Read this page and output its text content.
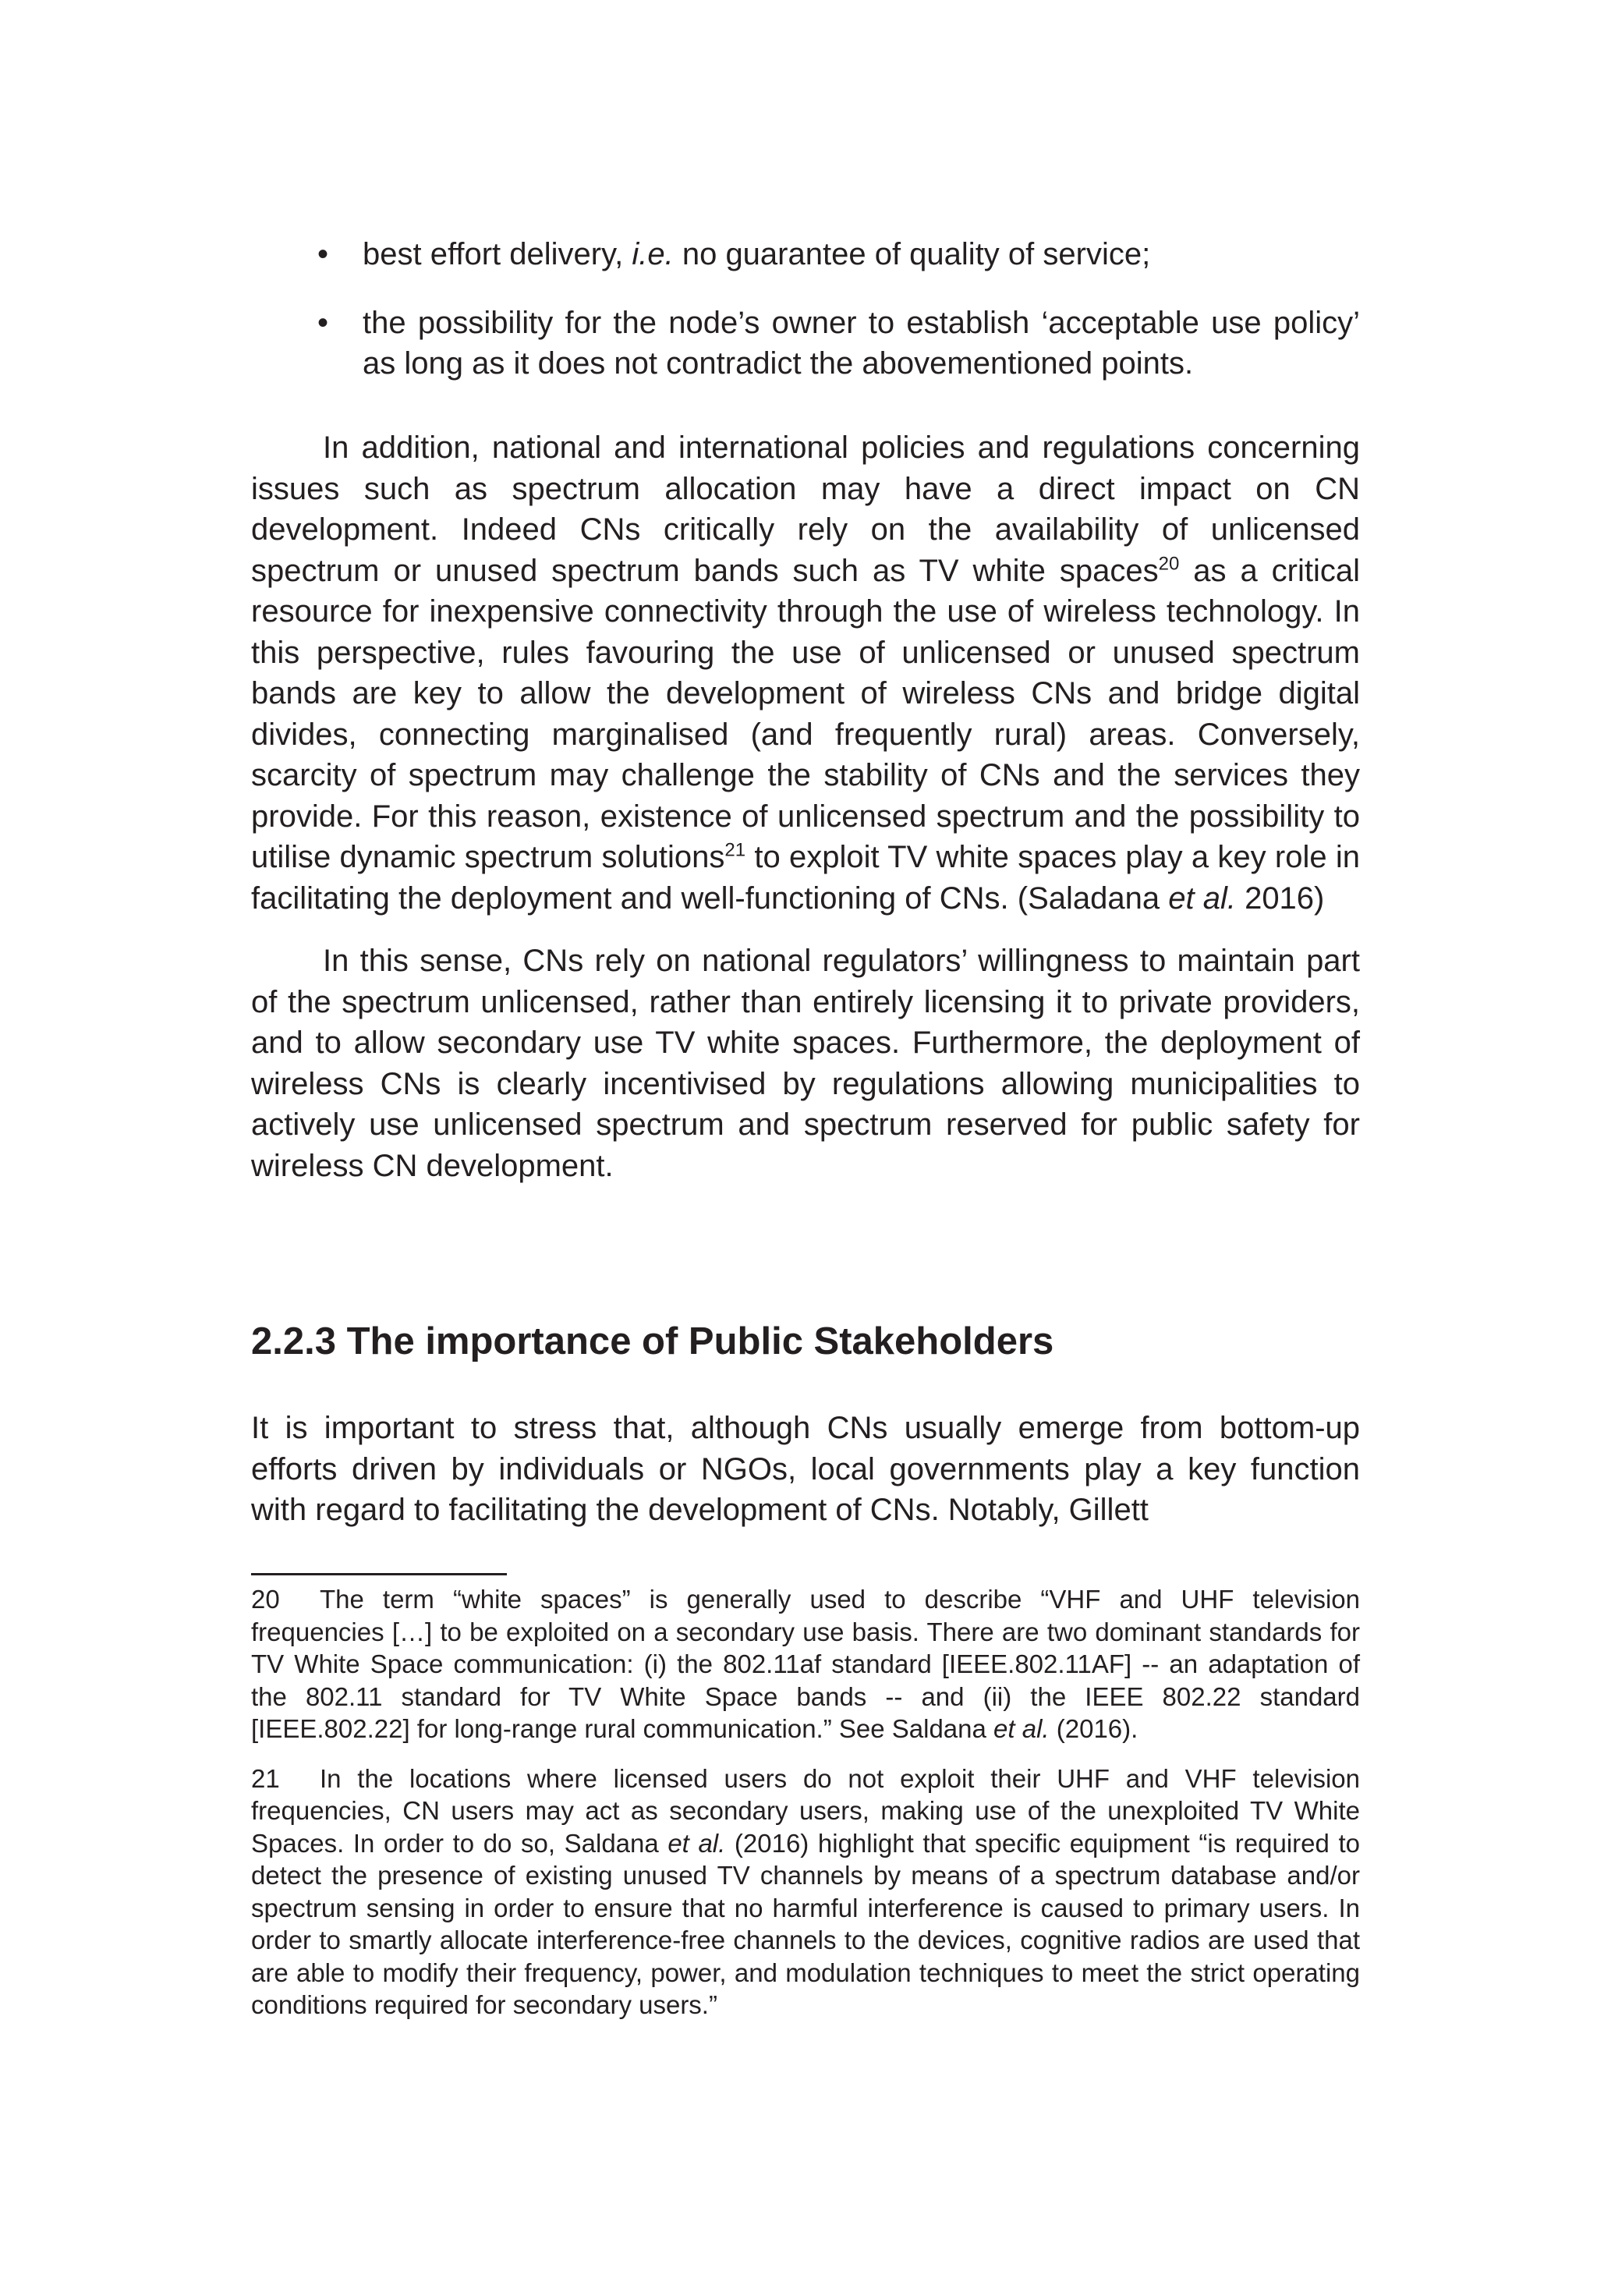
• best effort delivery, i.e. no guarantee of quality of service;
• the possibility for the node’s owner to establish ‘acceptable use policy’ as long as it does not contradict the abovementioned points.

In addition, national and international policies and regulations concerning issues such as spectrum allocation may have a direct impact on CN development. Indeed CNs critically rely on the availability of unlicensed spectrum or unused spectrum bands such as TV white spaces$^{20}$ as a critical resource for inexpensive connectivity through the use of wireless technology. In this perspective, rules favouring the use of unlicensed or unused spectrum bands are key to allow the development of wireless CNs and bridge digital divides, connecting marginalised (and frequently rural) areas. Conversely, scarcity of spectrum may challenge the stability of CNs and the services they provide. For this reason, existence of unlicensed spectrum and the possibility to utilise dynamic spectrum solutions$^{21}$ to exploit TV white spaces play a key role in facilitating the deployment and well-functioning of CNs. (Saladana et al. 2016)

In this sense, CNs rely on national regulators’ willingness to maintain part of the spectrum unlicensed, rather than entirely licensing it to private providers, and to allow secondary use TV white spaces. Furthermore, the deployment of wireless CNs is clearly incentivised by regulations allowing municipalities to actively use unlicensed spectrum and spectrum reserved for public safety for wireless CN development.

2.2.3 The importance of Public Stakeholders

It is important to stress that, although CNs usually emerge from bottom-up efforts driven by individuals or NGOs, local governments play a key function with regard to facilitating the development of CNs. Notably, Gillett

20 The term “white spaces” is generally used to describe “VHF and UHF television frequencies […] to be exploited on a secondary use basis. There are two dominant standards for TV White Space communication: (i) the 802.11af standard [IEEE.802.11AF] -- an adaptation of the 802.11 standard for TV White Space bands -- and (ii) the IEEE 802.22 standard [IEEE.802.22] for long-range rural communication.” See Saldana et al. (2016).

21 In the locations where licensed users do not exploit their UHF and VHF television frequencies, CN users may act as secondary users, making use of the unexploited TV White Spaces. In order to do so, Saldana et al. (2016) highlight that specific equipment “is required to detect the presence of existing unused TV channels by means of a spectrum database and/or spectrum sensing in order to ensure that no harmful interference is caused to primary users. In order to smartly allocate interference-free channels to the devices, cognitive radios are used that are able to modify their frequency, power, and modulation techniques to meet the strict operating conditions required for secondary users.”
